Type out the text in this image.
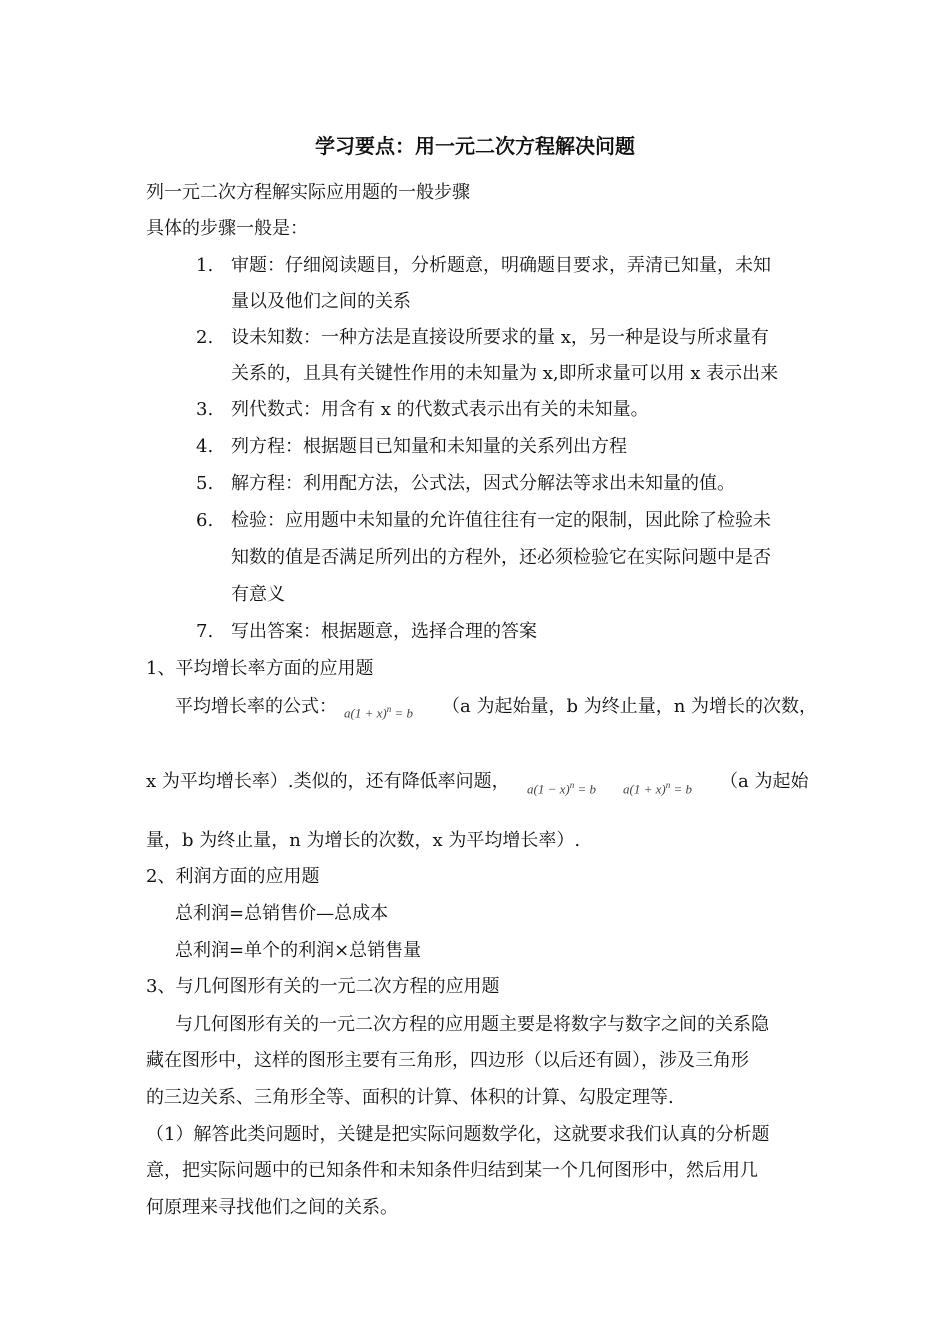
学习要点：用一元二次方程解决问题
列一元二次方程解实际应用题的一般步骤
具体的步骤一般是：
1. 审题：仔细阅读题目，分析题意，明确题目要求，弄清已知量，未知
量以及他们之间的关系
2. 设未知数：一种方法是直接设所要求的量 x，另一种是设与所求量有
关系的，且具有关键性作用的未知量为 x,即所求量可以用 x 表示出来
3. 列代数式：用含有 x 的代数式表示出有关的未知量。
4. 列方程：根据题目已知量和未知量的关系列出方程
5. 解方程：利用配方法，公式法，因式分解法等求出未知量的值。
6. 检验：应用题中未知量的允许值往往有一定的限制，因此除了检验未
知数的值是否满足所列出的方程外，还必须检验它在实际问题中是否
有意义
7. 写出答案：根据题意，选择合理的答案
1、平均增长率方面的应用题
平均增长率的公式： $a(1 + x)^n = b$ （a 为起始量，b 为终止量，n 为增长的次数，
x 为平均增长率）.类似的，还有降低率问题， $a(1 - x)^n = b$ $a(1 + x)^n = b$ （a 为起始
量，b 为终止量，n 为增长的次数，x 为平均增长率）.
2、利润方面的应用题
总利润=总销售价—总成本
总利润=单个的利润×总销售量
3、与几何图形有关的一元二次方程的应用题
与几何图形有关的一元二次方程的应用题主要是将数字与数字之间的关系隐
藏在图形中，这样的图形主要有三角形，四边形（以后还有圆），涉及三角形
的三边关系、三角形全等、面积的计算、体积的计算、勾股定理等.
（1）解答此类问题时，关键是把实际问题数学化，这就要求我们认真的分析题
意，把实际问题中的已知条件和未知条件归结到某一个几何图形中，然后用几
何原理来寻找他们之间的关系。
